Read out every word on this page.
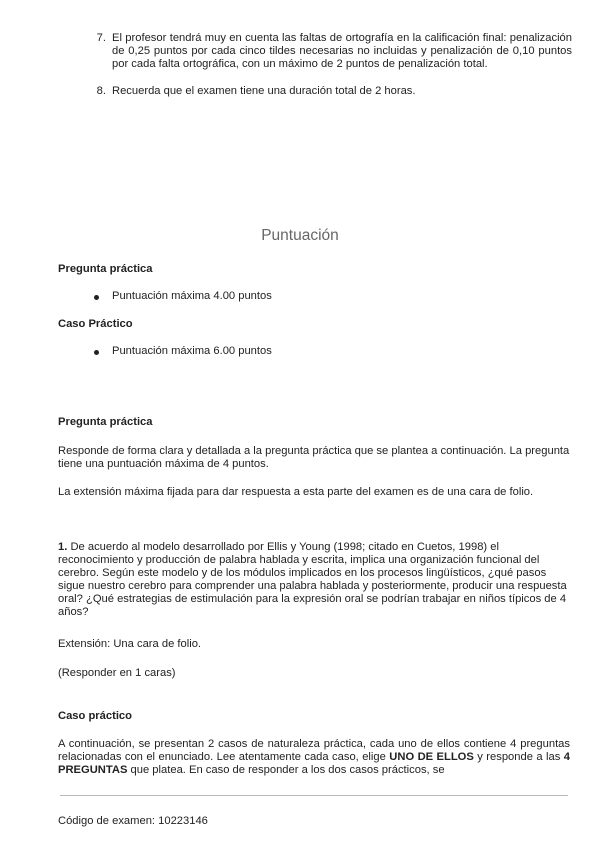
7. El profesor tendrá muy en cuenta las faltas de ortografía en la calificación final: penalización de 0,25 puntos por cada cinco tildes necesarias no incluidas y penalización de 0,10 puntos por cada falta ortográfica, con un máximo de 2 puntos de penalización total.
8. Recuerda que el examen tiene una duración total de 2 horas.
Puntuación
Pregunta práctica
Puntuación máxima 4.00 puntos
Caso Práctico
Puntuación máxima 6.00 puntos
Pregunta práctica
Responde de forma clara y detallada a la pregunta práctica que se plantea a continuación. La pregunta tiene una puntuación máxima de 4 puntos.
La extensión máxima fijada para dar respuesta a esta parte del examen es de una cara de folio.
1. De acuerdo al modelo desarrollado por Ellis y Young (1998; citado en Cuetos, 1998) el reconocimiento y producción de palabra hablada y escrita, implica una organización funcional del cerebro. Según este modelo y de los módulos implicados en los procesos lingüísticos, ¿qué pasos sigue nuestro cerebro para comprender una palabra hablada y posteriormente, producir una respuesta oral? ¿Qué estrategias de estimulación para la expresión oral se podrían trabajar en niños típicos de 4 años?
Extensión: Una cara de folio.
(Responder en 1 caras)
Caso práctico
A continuación, se presentan 2 casos de naturaleza práctica, cada uno de ellos contiene 4 preguntas relacionadas con el enunciado. Lee atentamente cada caso, elige UNO DE ELLOS y responde a las 4 PREGUNTAS que platea. En caso de responder a los dos casos prácticos, se
Código de examen: 10223146
